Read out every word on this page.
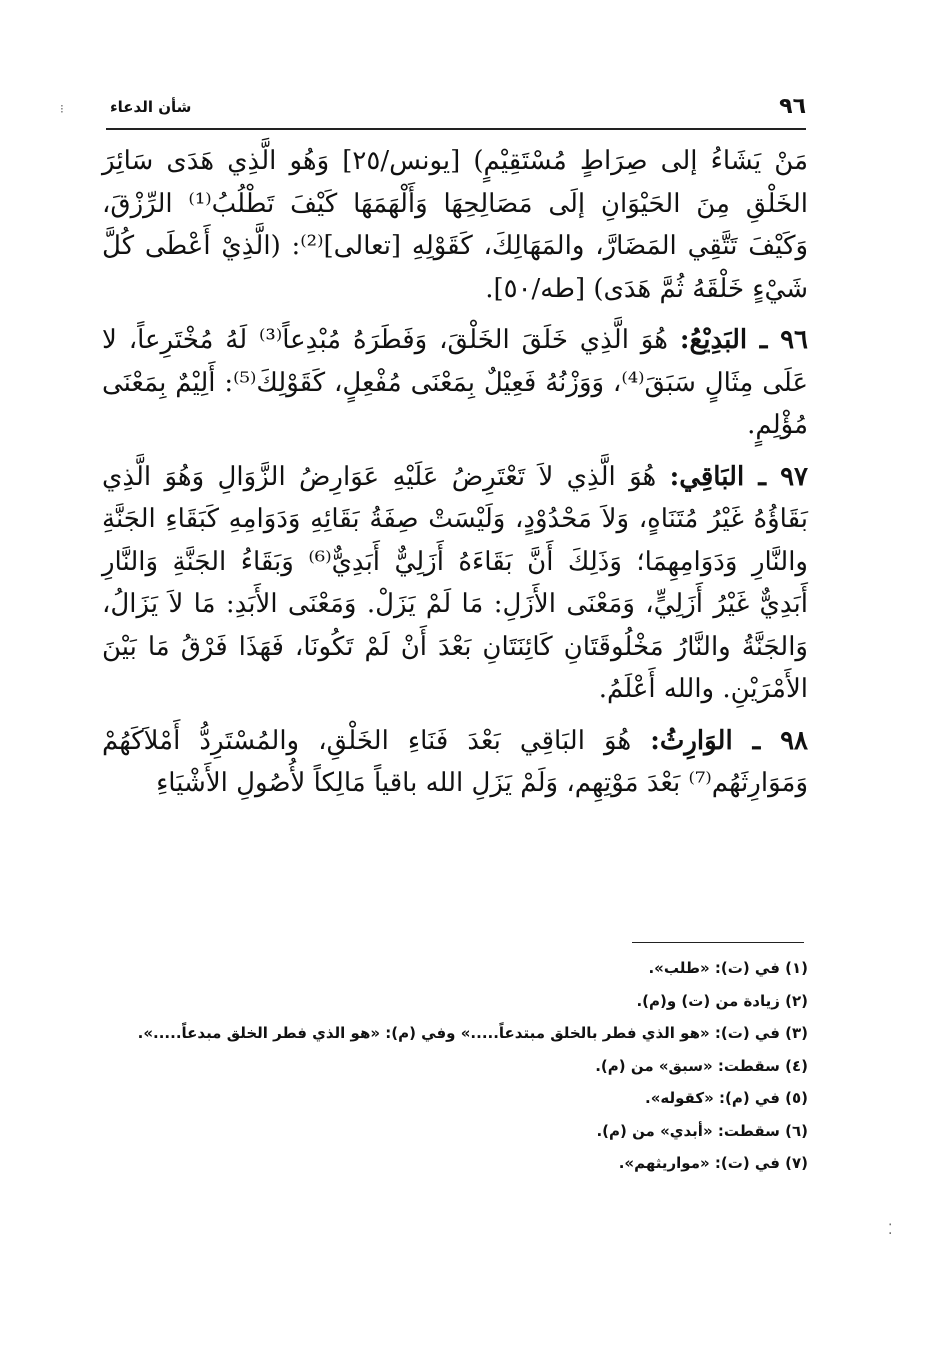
⁝
⁚
٩٦
شأن الدعاء

مَنْ يَشَاءُ إلى صِرَاطٍ مُسْتَقِيْمٍ) [يونس/٢٥] وَهُو الَّذِي هَدَى سَائِرَ الخَلْقِ مِنَ الحَيْوَانِ إلَى مَصَالِحِهَا وَأَلْهَمَهَا كَيْفَ تَطْلُبُ⁽¹⁾ الرِّزْقَ، وَكَيْفَ تَتَّقِي المَضَارَّ، والمَهَالِكَ، كَقَوْلِهِ [تعالى]⁽²⁾: (الَّذِيْ أَعْطَى كُلَّ شَيْءٍ خَلْقَهُ ثُمَّ هَدَى) [طه/٥٠].

٩٦ ـ البَدِيْعُ: هُوَ الَّذِي خَلَقَ الخَلْقَ، وَفَطَرَهُ مُبْدِعاً⁽³⁾ لَهُ مُخْتَرِعاً، لا عَلَى مِثَالٍ سَبَقَ⁽⁴⁾، وَوَزْنُهُ فَعِيْلٌ بِمَعْنَى مُفْعِلٍ، كَقَوْلِكَ⁽⁵⁾: أَلِيْمٌ بِمَعْنَى مُؤْلِمٍ.

٩٧ ـ البَاقِي: هُوَ الَّذِي لاَ تَعْتَرِضُ عَلَيْهِ عَوَارِضُ الزَّوَالِ وَهُوَ الَّذِي بَقَاؤُهُ غَيْرُ مُتَنَاهٍ، وَلاَ مَحْدُوْدٍ، وَلَيْسَتْ صِفَةُ بَقَائِهِ وَدَوَامِهِ كَبَقَاءِ الجَنَّةِ والنَّارِ وَدَوَامِهِمَا؛ وَذَلِكَ أَنَّ بَقَاءَهُ أَزَلِيٌّ أَبَدِيٌّ⁽⁶⁾ وَبَقَاءُ الجَنَّةِ وَالنَّارِ أَبَدِيٌّ غَيْرُ أَزَلِيٍّ، وَمَعْنَى الأَزَلِ: مَا لَمْ يَزَلْ. وَمَعْنَى الأَبَدِ: مَا لاَ يَزَالُ، وَالجَنَّةُ والنَّارُ مَخْلُوقَتَانِ كَائِنَتَانِ بَعْدَ أَنْ لَمْ تَكُونَا، فَهَذَا فَرْقُ مَا بَيْنَ الأَمْرَيْنِ. والله أَعْلَمُ.

٩٨ ـ الوَارِثُ: هُوَ البَاقِي بَعْدَ فَنَاءِ الخَلْقِ، والمُسْتَرِدُّ أَمْلاَكَهُمْ وَمَوَارِثَهُم⁽⁷⁾ بَعْدَ مَوْتِهِم، وَلَمْ يَزَلِ الله باقياً مَالِكاً لأُصُولِ الأَشْيَاءِ

(١) في (ت): «طلب».

(٢) زيادة من (ت) و(م).

(٣) في (ت): «هو الذي فطر بالخلق مبتدعاً.....» وفي (م): «هو الذي فطر الخلق مبدعاً.....».

(٤) سقطت: «سبق» من (م).

(٥) في (م): «كقوله».

(٦) سقطت: «أبدي» من (م).

(٧) في (ت): «مواريثهم».
